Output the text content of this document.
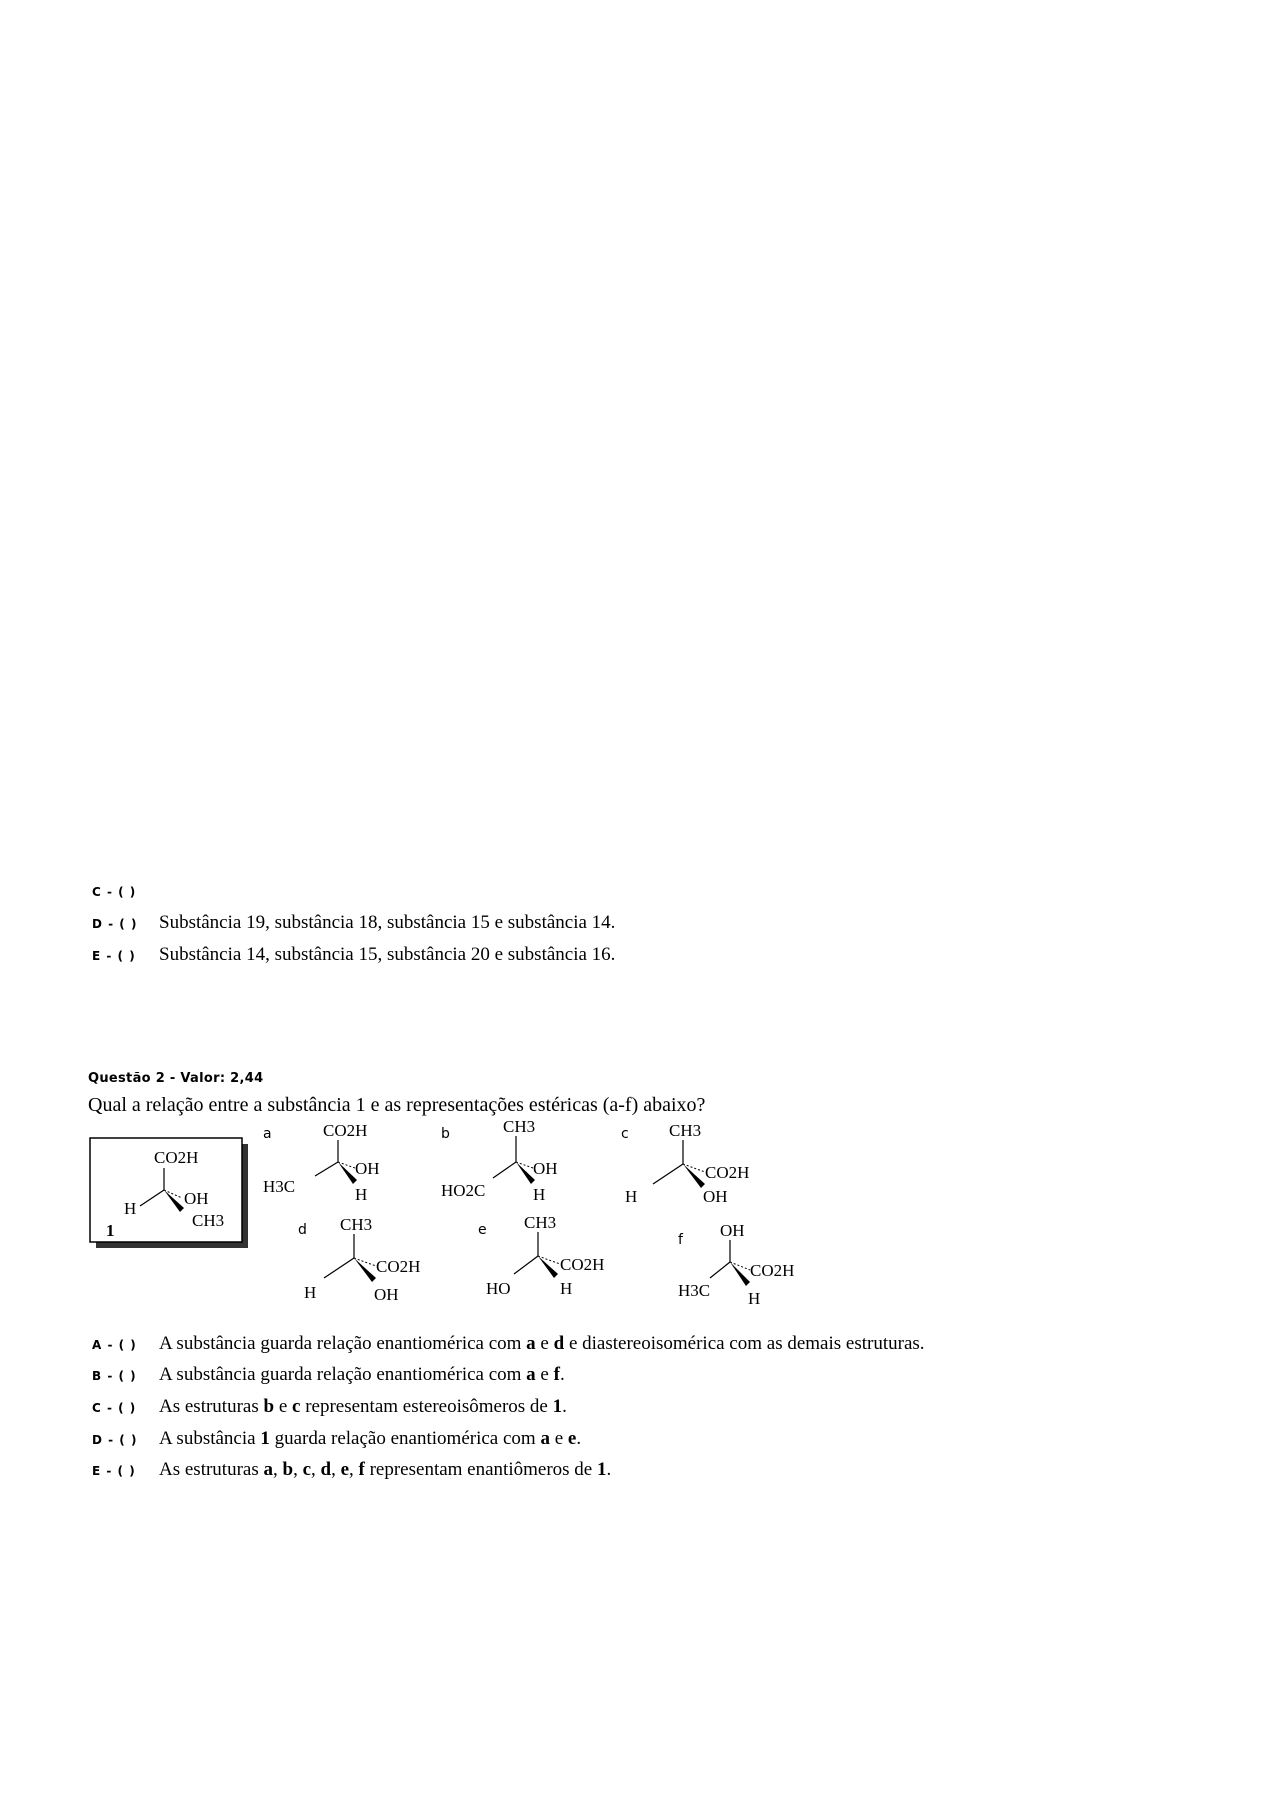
C - ( )
D - ( ) Substância 19, substância 18, substância 15 e substância 14.
E - ( ) Substância 14, substância 15, substância 20 e substância 16.
Questão 2 - Valor: 2,44
Qual a relação entre a substância 1 e as representações estéricas (a-f) abaixo?
CO2H
OH
H
CH3
1
a	CO2H
H3C
OH
H
b	CH3
HO2C
OH
H
c CH3
H
CO2H
OH
d CH3
H
CO2H
OH
e CH3
HO
CO2H
H
f OH
H3C
CO2H
H
A - ( ) A substância guarda relação enantiomérica com a e d e diastereoisomérica com as demais estruturas.
B - ( ) A substância guarda relação enantiomérica com a e f.
C - ( ) As estruturas b e c representam estereoisômeros de 1.
D - ( ) A substância 1 guarda relação enantiomérica com a e e.
E - ( ) As estruturas a, b, c, d, e, f representam enantiômeros de 1.
